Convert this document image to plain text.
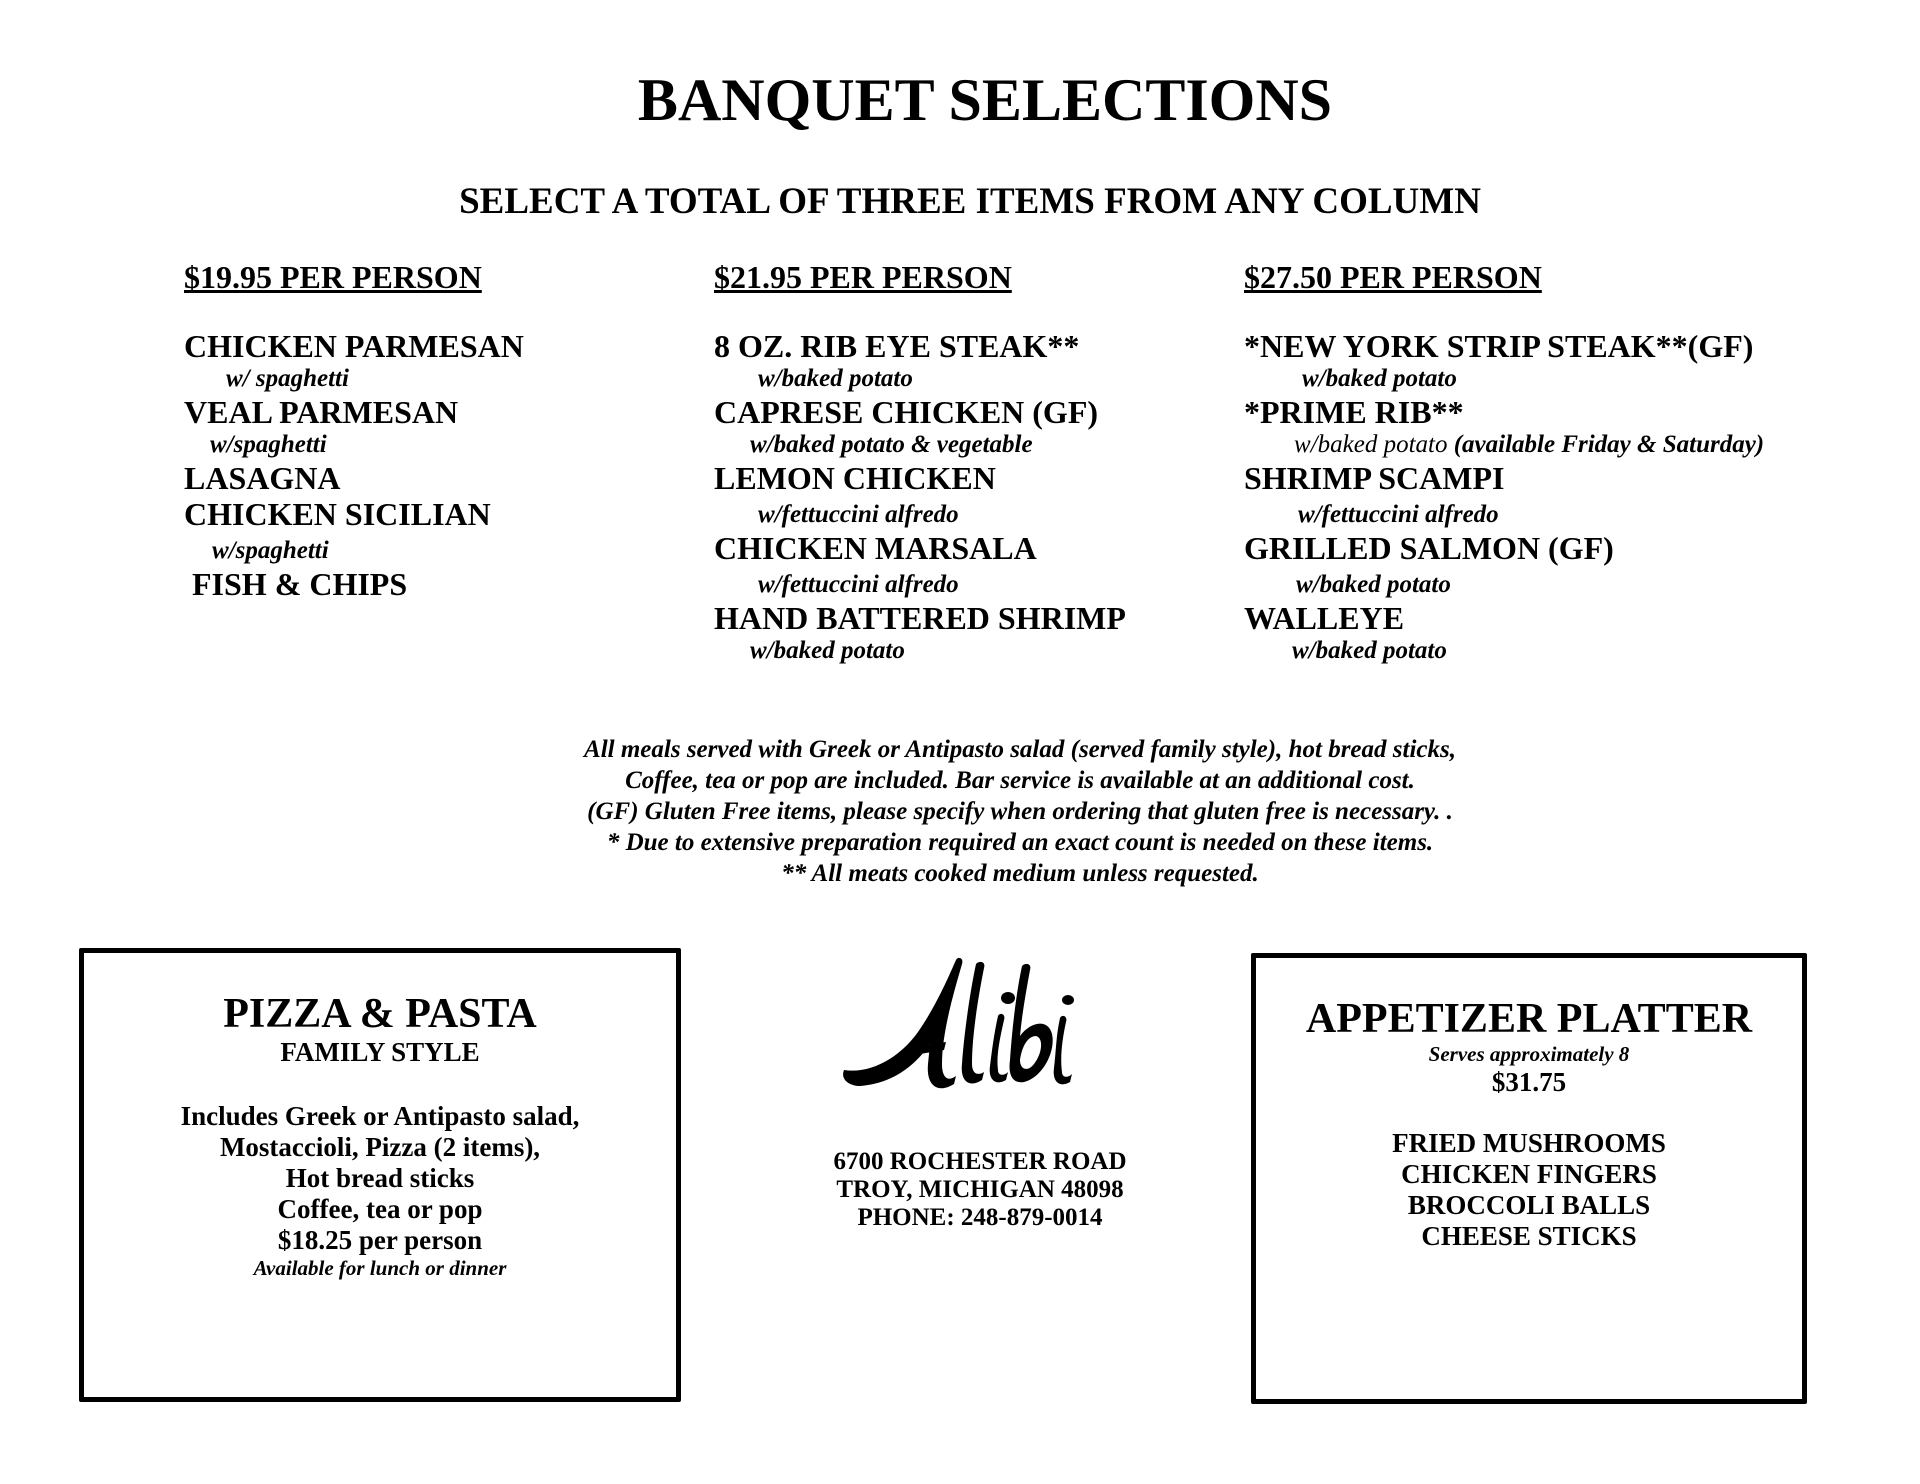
BANQUET SELECTIONS
SELECT A TOTAL OF THREE ITEMS FROM ANY COLUMN
$19.95 PER PERSON
CHICKEN PARMESAN
w/ spaghetti
VEAL PARMESAN
w/spaghetti
LASAGNA
CHICKEN SICILIAN
w/spaghetti
FISH & CHIPS
$21.95 PER PERSON
8 OZ. RIB EYE STEAK**
w/baked potato
CAPRESE CHICKEN (GF)
w/baked potato & vegetable
LEMON CHICKEN
w/fettuccini alfredo
CHICKEN MARSALA
w/fettuccini alfredo
HAND BATTERED SHRIMP
w/baked potato
$27.50 PER PERSON
*NEW YORK STRIP STEAK**(GF)
w/baked potato
*PRIME RIB**
w/baked potato (available Friday & Saturday)
SHRIMP SCAMPI
w/fettuccini alfredo
GRILLED SALMON (GF)
w/baked potato
WALLEYE
w/baked potato
All meals served with Greek or Antipasto salad (served family style), hot bread sticks,
Coffee, tea or pop are included. Bar service is available at an additional cost.
(GF) Gluten Free items, please specify when ordering that gluten free is necessary. .
* Due to extensive preparation required an exact count is needed on these items.
** All meats cooked medium unless requested.
PIZZA & PASTA
FAMILY STYLE
Includes Greek or Antipasto salad,
Mostaccioli, Pizza (2 items),
Hot bread sticks
Coffee, tea or pop
$18.25 per person
Available for lunch or dinner
6700 ROCHESTER ROAD
TROY, MICHIGAN 48098
PHONE: 248-879-0014
APPETIZER PLATTER
Serves approximately 8
$31.75
FRIED MUSHROOMS
CHICKEN FINGERS
BROCCOLI BALLS
CHEESE STICKS
